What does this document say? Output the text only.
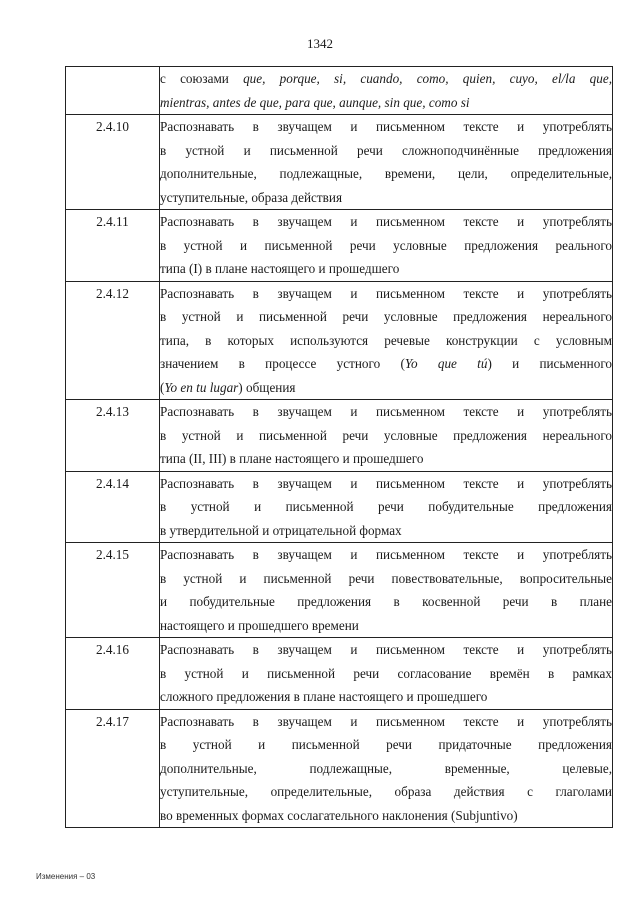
1342

	с союзами que, porque, si, cuando, como, quien, cuyo, el/la que,
mientras, antes de que, para que, aunque, sin que, como si

2.4.10	Распознавать в звучащем и письменном тексте и употреблять
в устной и письменной речи сложноподчинённые предложения
дополнительные, подлежащные, времени, цели, определительные,
уступительные, образа действия

2.4.11	Распознавать в звучащем и письменном тексте и употреблять
в устной и письменной речи условные предложения реального
типа (I) в плане настоящего и прошедшего

2.4.12	Распознавать в звучащем и письменном тексте и употреблять
в устной и письменной речи условные предложения нереального
типа, в которых используются речевые конструкции с условным
значением в процессе устного (Yo que tú) и письменного
(Yo en tu lugar) общения

2.4.13	Распознавать в звучащем и письменном тексте и употреблять
в устной и письменной речи условные предложения нереального
типа (II, III) в плане настоящего и прошедшего

2.4.14	Распознавать в звучащем и письменном тексте и употреблять
в устной и письменной речи побудительные предложения
в утвердительной и отрицательной формах

2.4.15	Распознавать в звучащем и письменном тексте и употреблять
в устной и письменной речи повествовательные, вопросительные
и побудительные предложения в косвенной речи в плане
настоящего и прошедшего времени

2.4.16	Распознавать в звучащем и письменном тексте и употреблять
в устной и письменной речи согласование времён в рамках
сложного предложения в плане настоящего и прошедшего

2.4.17	Распознавать в звучащем и письменном тексте и употреблять
в устной и письменной речи придаточные предложения
дополнительные, подлежащные, временные, целевые,
уступительные, определительные, образа действия с глаголами
во временных формах сослагательного наклонения (Subjuntivo)
Изменения – 03
